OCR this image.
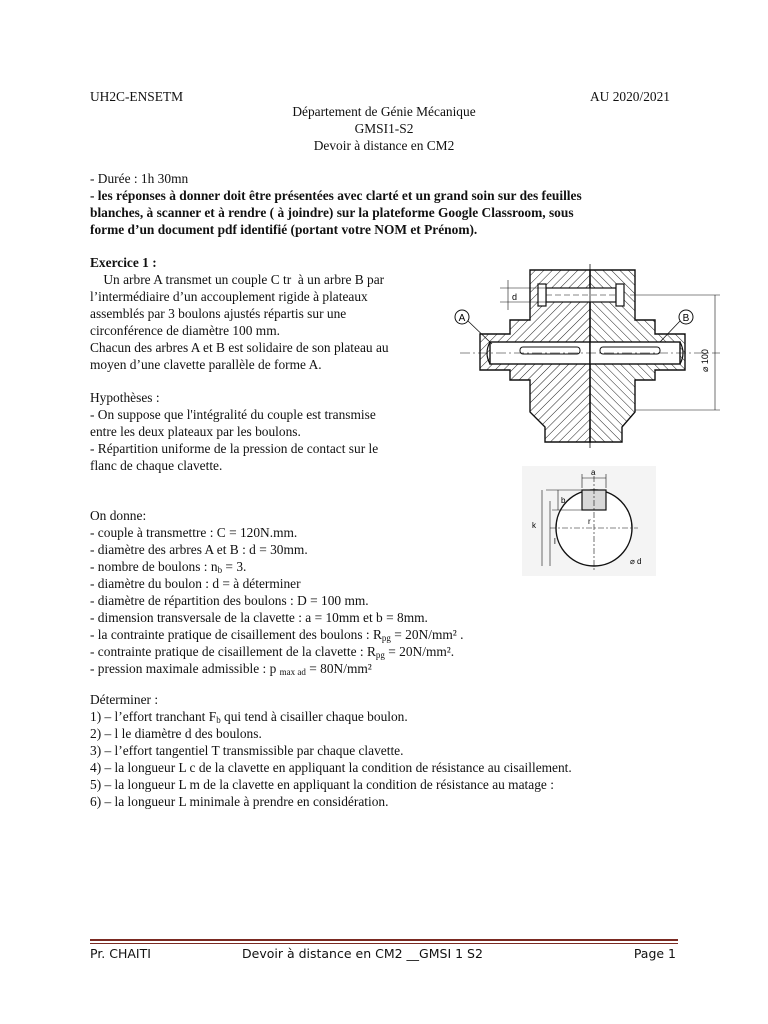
UH2C-ENSETM	AU 2020/2021
Département de Génie Mécanique
GMSI1-S2
Devoir à distance en CM2
- Durée : 1h 30mn
- les réponses à donner doit être présentées avec clarté et un grand soin sur des feuilles
blanches, à scanner et à rendre ( à joindre) sur la plateforme Google Classroom, sous
forme d’un document pdf identifié (portant votre NOM et Prénom).
Exercice 1 :
Un arbre A transmet un couple C tr  à un arbre B par
l’intermédiaire d’un accouplement rigide à plateaux
assemblés par 3 boulons ajustés répartis sur une
circonférence de diamètre 100 mm.
Chacun des arbres A et B est solidaire de son plateau au
moyen d’une clavette parallèle de forme A.
Hypothèses :
- On suppose que l'intégralité du couple est transmise
entre les deux plateaux par les boulons.
- Répartition uniforme de la pression de contact sur le
flanc de chaque clavette.
On donne:
- couple à transmettre : C = 120N.mm.
- diamètre des arbres A et B : d = 30mm.
- nombre de boulons : $n_b = 3$.
- diamètre du boulon : d = à déterminer
- diamètre de répartition des boulons : D = 100 mm.
- dimension transversale de la clavette : a = 10mm et b = 8mm.
- la contrainte pratique de cisaillement des boulons : $R_{pg} = 20N/mm^2$ .
- contrainte pratique de cisaillement de la clavette : $R_{pg} = 20N/mm^2$.
- pression maximale admissible : p $_{max ad}$ = 80N/mm²
Déterminer :
1) – l’effort tranchant $F_b$ qui tend à cisailler chaque boulon.
2) – l le diamètre d des boulons.
3) – l’effort tangentiel T transmissible par chaque clavette.
4) – la longueur L c de la clavette en appliquant la condition de résistance au cisaillement.
5) – la longueur L m de la clavette en appliquant la condition de résistance au matage :
6) – la longueur L minimale à prendre en considération.
A	B
d
⌀ 100
a
b
k
l
r
⌀ d
Pr. CHAITI	Devoir à distance en CM2 __GMSI 1 S2	Page 1
